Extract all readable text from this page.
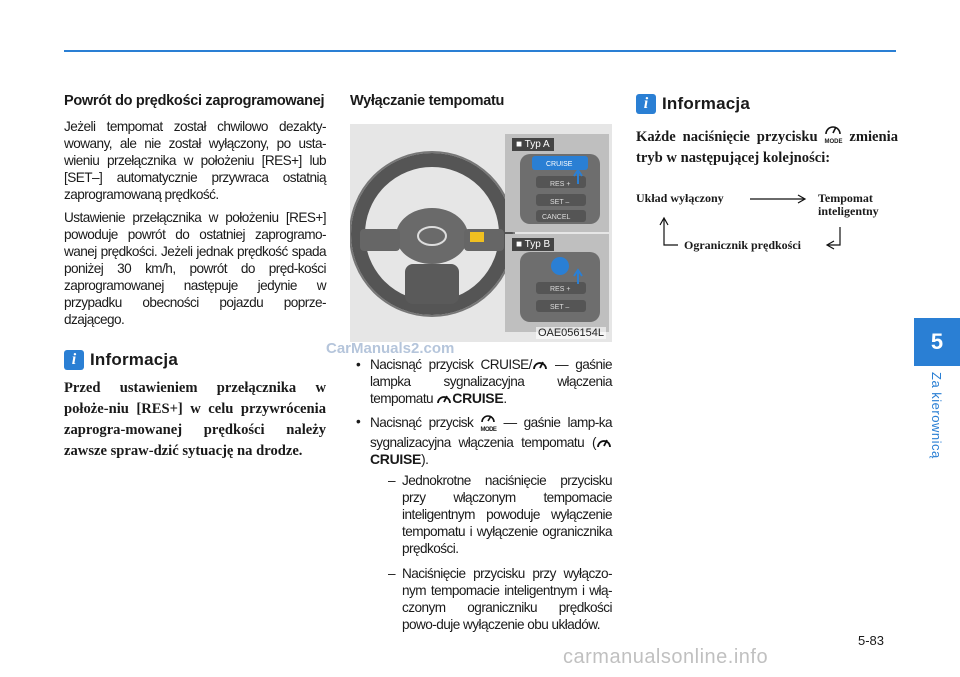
Powrót do prędkości zaprogramowanej

Jeżeli tempomat został chwilowo dezakty-wowany, ale nie został wyłączony, po usta-wieniu przełącznika w położeniu [RES+] lub [SET–] automatycznie przywraca ostatnią zaprogramowaną prędkość.

Ustawienie przełącznika w położeniu [RES+] powoduje powrót do ostatniej zaprogramo-wanej prędkości. Jeżeli jednak prędkość spada poniżej 30 km/h, powrót do pręd-kości zaprogramowanej następuje jedynie w przypadku obecności pojazdu poprze-dzającego.

i Informacja

Przed ustawieniem przełącznika w położe-niu [RES+] w celu przywrócenia zaprogra-mowanej prędkości należy zawsze spraw-dzić sytuację na drodze.

Wyłączanie tempomatu
CRUISE
SET –
CANCEL
RES +
RES +
SET –
■ Typ A
■ Typ B
OAE056154L
• Nacisnąć przycisk CRUISE/ — gaśnie lampka sygnalizacyjna włączenia tempomatu CRUISE.
• Nacisnąć przycisk
MODE — gaśnie lamp-ka sygnalizacyjna włączenia tempomatu (CRUISE).
– Jednokrotne naciśnięcie przycisku przy włączonym tempomacie inteligentnym powoduje wyłączenie tempomatu i wyłączenie ogranicznika prędkości.
– Naciśnięcie przycisku przy wyłączo-nym tempomacie inteligentnym i włą-czonym ograniczniku prędkości powo-duje wyłączenie obu układów.
i Informacja

Każde naciśnięcie przycisku
MODE zmienia tryb w następującej kolejności:

Układ wyłączony	Tempomat
inteligentny
Ogranicznik prędkości
5
Za kierownicą
5-83
CarManuals2.com
carmanualsonline.info
